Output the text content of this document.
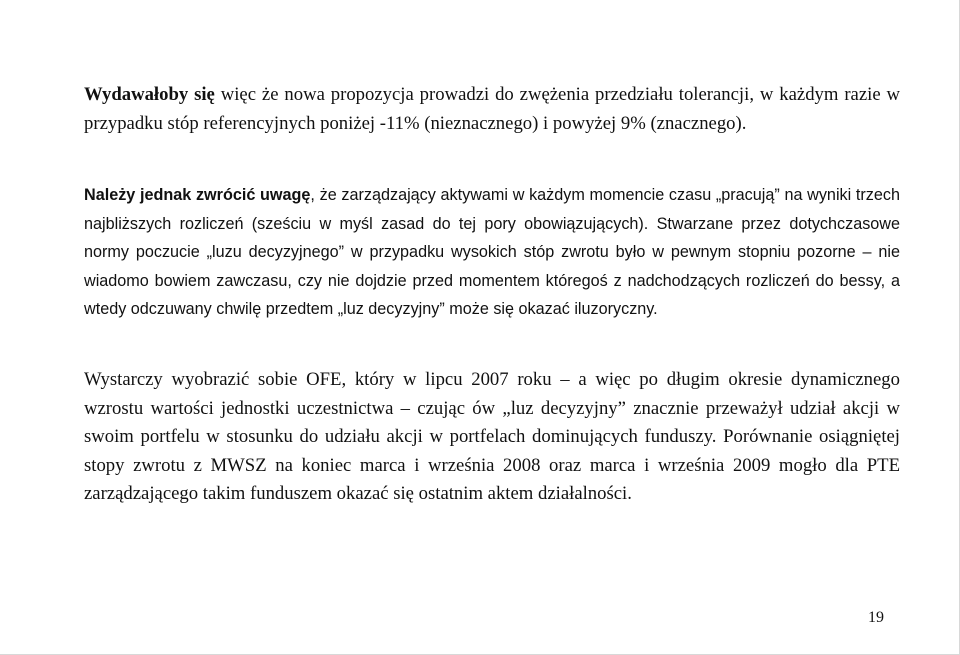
Wydawałoby się więc że nowa propozycja prowadzi do zwężenia przedziału tolerancji, w każdym razie w przypadku stóp referencyjnych poniżej -11% (nieznacznego) i powyżej 9% (znacznego).

Należy jednak zwrócić uwagę, że zarządzający aktywami w każdym momencie czasu „pracują” na wyniki trzech najbliższych rozliczeń (sześciu w myśl zasad do tej pory obowiązujących). Stwarzane przez dotychczasowe normy poczucie „luzu decyzyjnego” w przypadku wysokich stóp zwrotu było w pewnym stopniu pozorne – nie wiadomo bowiem zawczasu, czy nie dojdzie przed momentem któregoś z nadchodzących rozliczeń do bessy, a wtedy odczuwany chwilę przedtem „luz decyzyjny” może się okazać iluzoryczny.

Wystarczy wyobrazić sobie OFE, który w lipcu 2007 roku – a więc po długim okresie dynamicznego wzrostu wartości jednostki uczestnictwa – czując ów „luz decyzyjny” znacznie przeważył udział akcji w swoim portfelu w stosunku do udziału akcji w portfelach dominujących funduszy. Porównanie osiągniętej stopy zwrotu z MWSZ na koniec marca i września 2008 oraz marca i września 2009 mogło dla PTE zarządzającego takim funduszem okazać się ostatnim aktem działalności.

19
